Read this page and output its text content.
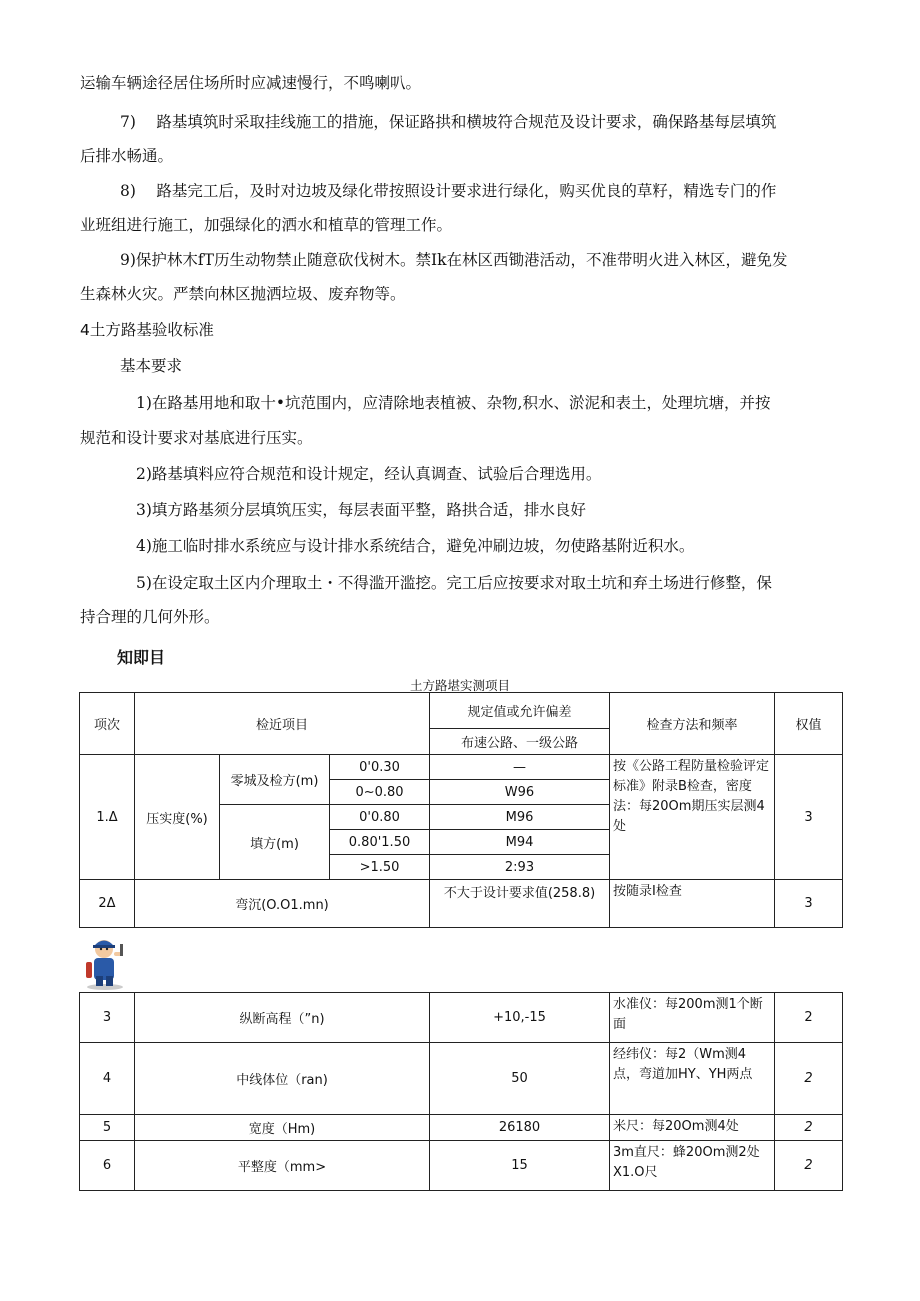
运输车辆途径居住场所时应减速慢行，不鸣喇叭。
7)　 路基填筑时采取挂线施工的措施，保证路拱和横坡符合规范及设计要求，确保路基每层填筑
后排水畅通。
8)　 路基完工后，及时对边坡及绿化带按照设计要求进行绿化，购买优良的草籽，精选专门的作
业班组进行施工，加强绿化的洒水和植草的管理工作。
9)保护林木fT历生动物禁止随意砍伐树木。禁Ik在林区西锄港活动，不准带明火进入林区，避免发
生森林火灾。严禁向林区抛洒垃圾、废弃物等。
4土方路基验收标准
基本要求
1)在路基用地和取十•坑范围内，应清除地表植被、杂物,积水、淤泥和表土，处理坑塘，并按
规范和设计要求对基底进行压实。
2)路基填料应符合规范和设计规定，经认真调查、试验后合理选用。
3)填方路基须分层填筑压实，每层表面平整，路拱合适，排水良好
4)施工临时排水系统应与设计排水系统结合，避免冲刷边坡，勿使路基附近积水。
5)在设定取土区内介理取土・不得滥开滥挖。完工后应按要求对取土坑和弃土场进行修整，保
持合理的几何外形。
知即目
土方路堪实测项目
项次	检近项目			规定值或允许偏差	检查方法和频率	权值
				布速公路、一级公路		
1.Δ	压实度(%)	零城及检方(m)	0'0.30	—	按《公路工程防量检验评定标准》附录B检查，密度法：每20Om期压实层测4处	3
			0~0.80	W96		
		填方(m)	0'0.80	M96		
			0.80'1.50	M94		
			>1.50	2:93		
2Δ	弯沉(O.O1.mn)			不大于设计要求值(258.8)	按随录I检查	3
3	纵断高程（”n)	+10,-15	水准仪：每200m测1个断面	2
4	中线体位（ran)	50	经纬仪：每2（Wm测4点，弯道加HY、YH两点	2
5	宽度（Hm)	26180	米尺：每20Om测4处	2
6	平整度（mm>	15	3m直尺：蜂20Om测2处X1.O尺	2
